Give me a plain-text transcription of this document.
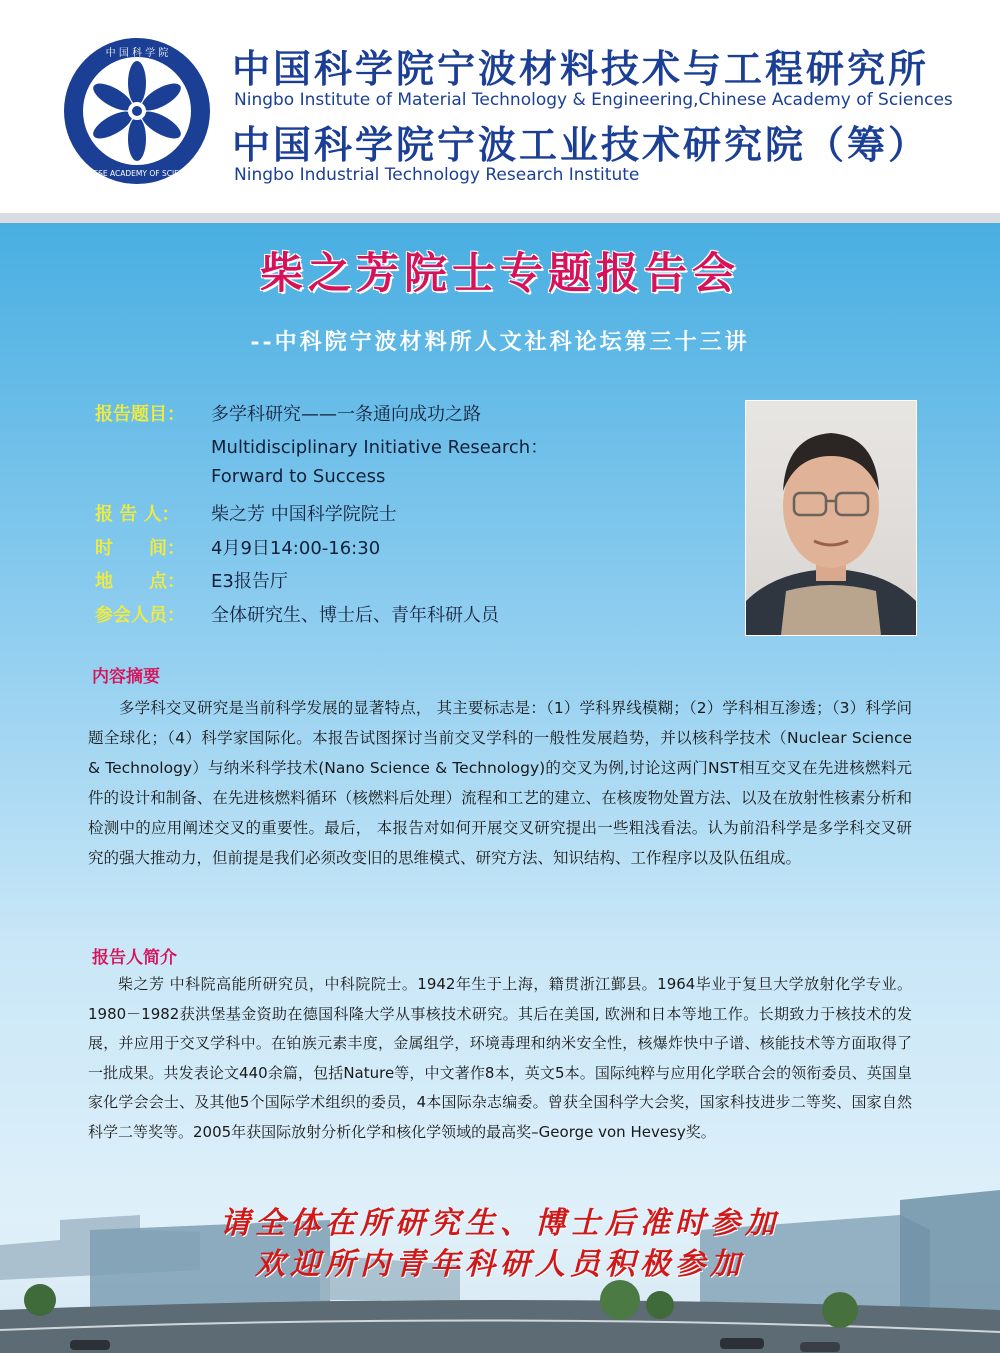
中 国 科 学 院
CHINESE ACADEMY OF SCIENCES
中国科学院宁波材料技术与工程研究所
Ningbo Institute of Material Technology & Engineering,Chinese Academy of Sciences
中国科学院宁波工业技术研究院（筹）
Ningbo Industrial Technology Research Institute
柴之芳院士专题报告会
--中科院宁波材料所人文社科论坛第三十三讲
报告题目：	多学科研究——一条通向成功之路
Multidisciplinary Initiative Research：
Forward to Success
报 告 人：	柴之芳 中国科学院院士
时　　间：	4月9日14:00-16:30
地　　点：	E3报告厅
参会人员：	全体研究生、博士后、青年科研人员
内容摘要
多学科交叉研究是当前科学发展的显著特点， 其主要标志是：（1）学科界线模糊；（2）学科相互渗透；（3）科学问题全球化；（4）科学家国际化。本报告试图探讨当前交叉学科的一般性发展趋势，并以核科学技术（Nuclear Science & Technology）与纳米科学技术(Nano Science & Technology)的交叉为例,讨论这两门NST相互交叉在先进核燃料元件的设计和制备、在先进核燃料循环（核燃料后处理）流程和工艺的建立、在核废物处置方法、以及在放射性核素分析和检测中的应用阐述交叉的重要性。最后， 本报告对如何开展交叉研究提出一些粗浅看法。认为前沿科学是多学科交叉研究的强大推动力，但前提是我们必须改变旧的思维模式、研究方法、知识结构、工作程序以及队伍组成。
报告人简介
柴之芳 中科院高能所研究员，中科院院士。1942年生于上海，籍贯浙江鄞县。1964毕业于复旦大学放射化学专业。1980－1982获洪堡基金资助在德国科隆大学从事核技术研究。其后在美国, 欧洲和日本等地工作。长期致力于核技术的发展，并应用于交叉学科中。在铂族元素丰度，金属组学，环境毒理和纳米安全性，核爆炸快中子谱、核能技术等方面取得了一批成果。共发表论文440余篇，包括Nature等，中文著作8本，英文5本。国际纯粹与应用化学联合会的领衔委员、英国皇家化学会会士、及其他5个国际学术组织的委员，4本国际杂志编委。曾获全国科学大会奖，国家科技进步二等奖、国家自然科学二等奖等。2005年获国际放射分析化学和核化学领域的最高奖–George von Hevesy奖。
请全体在所研究生、博士后准时参加
欢迎所内青年科研人员积极参加
